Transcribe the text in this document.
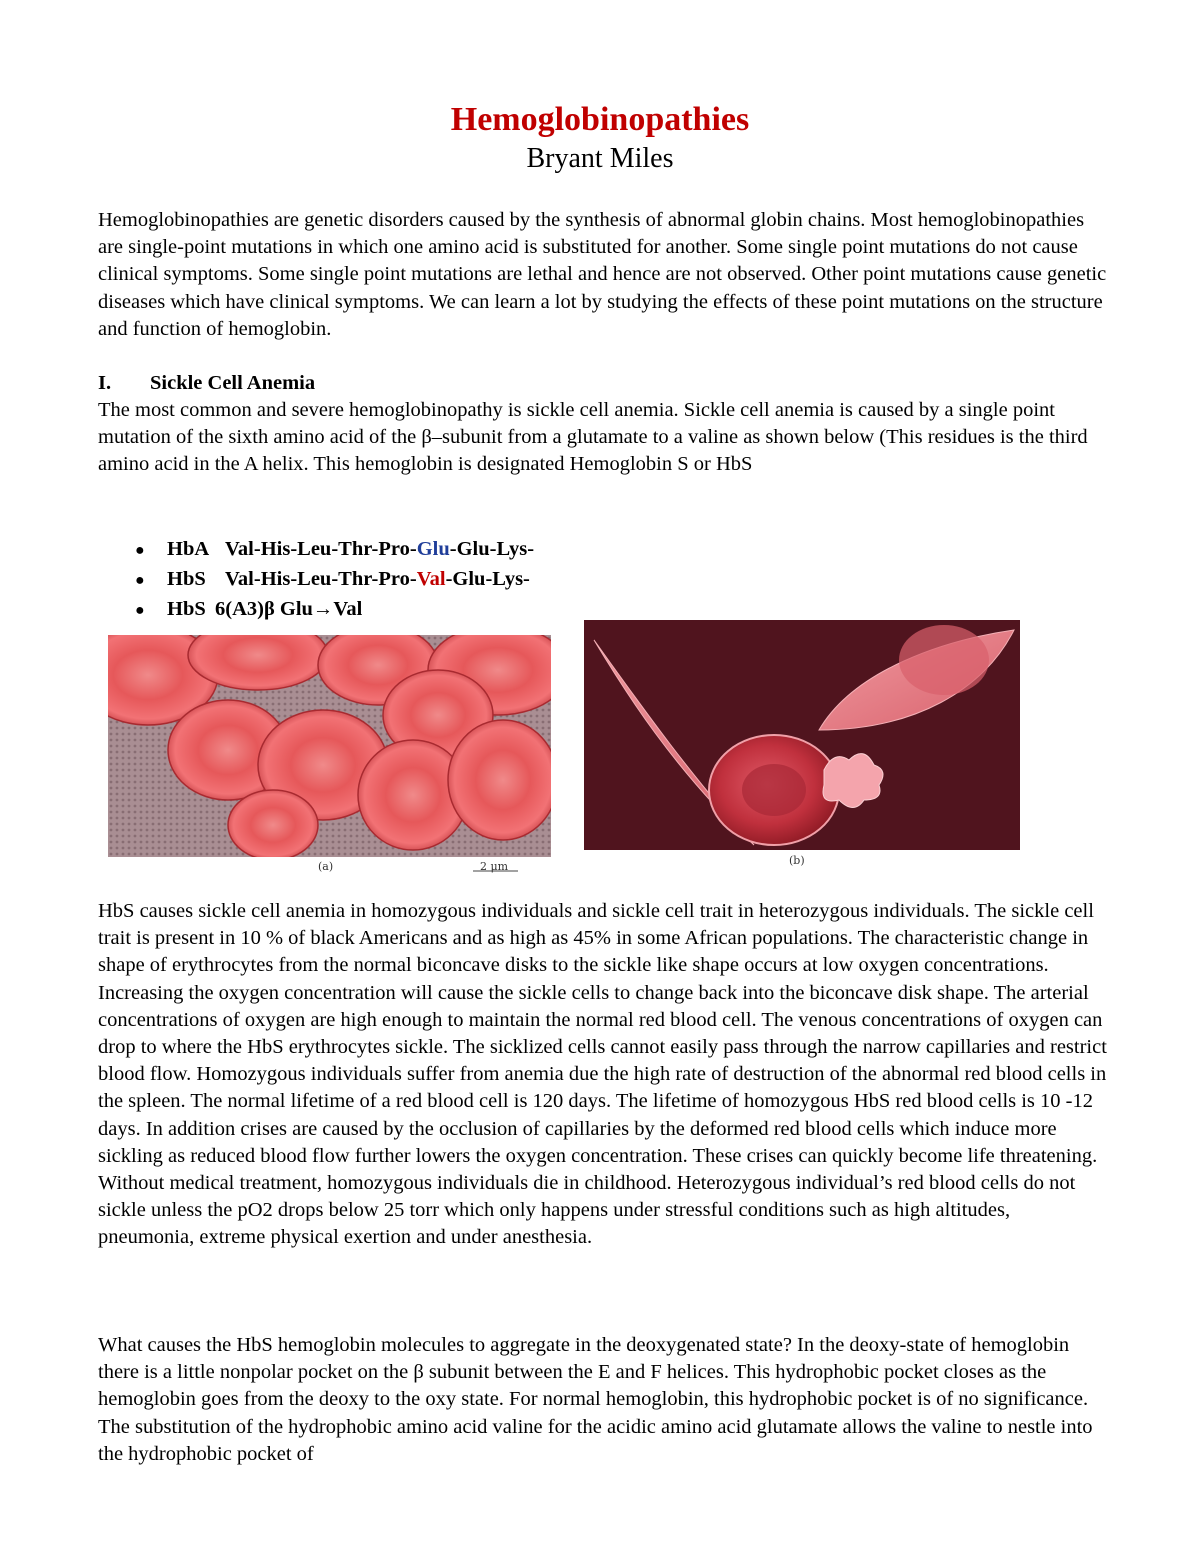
Hemoglobinopathies
Bryant Miles

Hemoglobinopathies are genetic disorders caused by the synthesis of abnormal globin chains. Most hemoglobinopathies are single-point mutations in which one amino acid is substituted for another. Some single point mutations do not cause clinical symptoms. Some single point mutations are lethal and hence are not observed. Other point mutations cause genetic diseases which have clinical symptoms. We can learn a lot by studying the effects of these point mutations on the structure and function of hemoglobin.

I. Sickle Cell Anemia

The most common and severe hemoglobinopathy is sickle cell anemia. Sickle cell anemia is caused by a single point mutation of the sixth amino acid of the β–subunit from a glutamate to a valine as shown below (This residues is the third amino acid in the A helix. This hemoglobin is designated Hemoglobin S or HbS

●	HbA Val-His-Leu-Thr-Pro- Glu -Glu-Lys-
●	HbS Val-His-Leu-Thr-Pro- Val -Glu-Lys-
●	HbS 6(A3)β Glu→Val
(a)	2 μm	(b)

HbS causes sickle cell anemia in homozygous individuals and sickle cell trait in heterozygous individuals. The sickle cell trait is present in 10 % of black Americans and as high as 45% in some African populations. The characteristic change in shape of erythrocytes from the normal biconcave disks to the sickle like shape occurs at low oxygen concentrations. Increasing the oxygen concentration will cause the sickle cells to change back into the biconcave disk shape. The arterial concentrations of oxygen are high enough to maintain the normal red blood cell. The venous concentrations of oxygen can drop to where the HbS erythrocytes sickle. The sicklized cells cannot easily pass through the narrow capillaries and restrict blood flow. Homozygous individuals suffer from anemia due the high rate of destruction of the abnormal red blood cells in the spleen. The normal lifetime of a red blood cell is 120 days. The lifetime of homozygous HbS red blood cells is 10 -12 days. In addition crises are caused by the occlusion of capillaries by the deformed red blood cells which induce more sickling as reduced blood flow further lowers the oxygen concentration. These crises can quickly become life threatening. Without medical treatment, homozygous individuals die in childhood. Heterozygous individual’s red blood cells do not sickle unless the pO2 drops below 25 torr which only happens under stressful conditions such as high altitudes, pneumonia, extreme physical exertion and under anesthesia.

What causes the HbS hemoglobin molecules to aggregate in the deoxygenated state? In the deoxy-state of hemoglobin there is a little nonpolar pocket on the β subunit between the E and F helices. This hydrophobic pocket closes as the hemoglobin goes from the deoxy to the oxy state. For normal hemoglobin, this hydrophobic pocket is of no significance. The substitution of the hydrophobic amino acid valine for the acidic amino acid glutamate allows the valine to nestle into the hydrophobic pocket of
